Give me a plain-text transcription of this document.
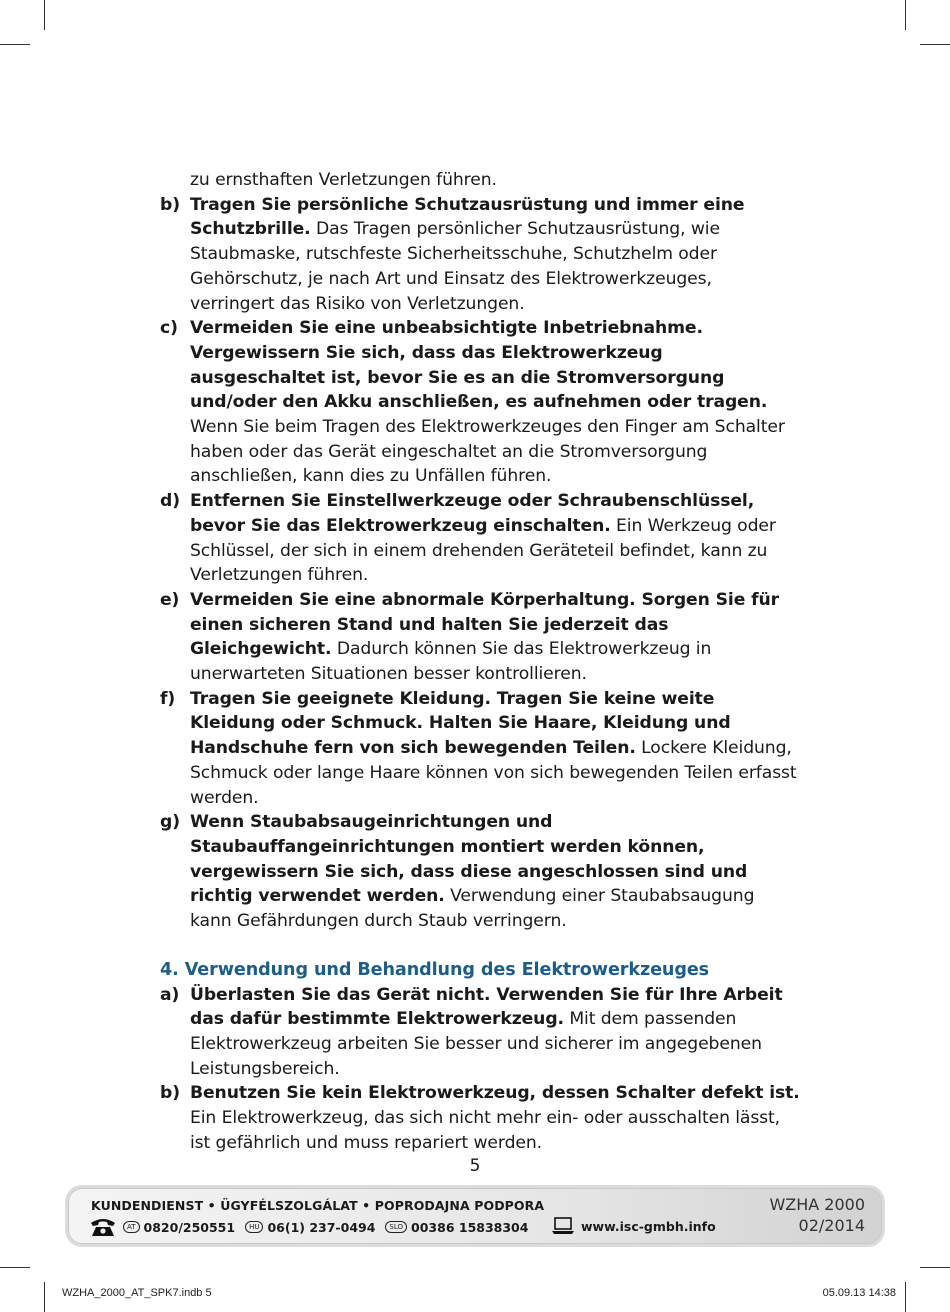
zu ernsthaften Verletzungen führen.
b) Tragen Sie persönliche Schutzausrüstung und immer eine Schutzbrille. Das Tragen persönlicher Schutzausrüstung, wie Staubmaske, rutschfeste Sicherheitsschuhe, Schutzhelm oder Gehörschutz, je nach Art und Einsatz des Elektrowerkzeuges, verringert das Risiko von Verletzungen.
c) Vermeiden Sie eine unbeabsichtigte Inbetriebnahme. Vergewissern Sie sich, dass das Elektrowerkzeug ausgeschaltet ist, bevor Sie es an die Stromversorgung und/oder den Akku anschließen, es aufnehmen oder tragen. Wenn Sie beim Tragen des Elektrowerkzeuges den Finger am Schalter haben oder das Gerät eingeschaltet an die Stromversorgung anschließen, kann dies zu Unfällen führen.
d) Entfernen Sie Einstellwerkzeuge oder Schraubenschlüssel, bevor Sie das Elektrowerkzeug einschalten. Ein Werkzeug oder Schlüssel, der sich in einem drehenden Geräteteil befindet, kann zu Verletzungen führen.
e) Vermeiden Sie eine abnormale Körperhaltung. Sorgen Sie für einen sicheren Stand und halten Sie jederzeit das Gleichgewicht. Dadurch können Sie das Elektrowerkzeug in unerwarteten Situationen besser kontrollieren.
f) Tragen Sie geeignete Kleidung. Tragen Sie keine weite Kleidung oder Schmuck. Halten Sie Haare, Kleidung und Handschuhe fern von sich bewegenden Teilen. Lockere Kleidung, Schmuck oder lange Haare können von sich bewegenden Teilen erfasst werden.
g) Wenn Staubabsaugeinrichtungen und Staubauffangeinrichtungen montiert werden können, vergewissern Sie sich, dass diese angeschlossen sind und richtig verwendet werden. Verwendung einer Staubabsaugung kann Gefährdungen durch Staub verringern.
4. Verwendung und Behandlung des Elektrowerkzeuges
a) Überlasten Sie das Gerät nicht. Verwenden Sie für Ihre Arbeit das dafür bestimmte Elektrowerkzeug. Mit dem passenden Elektrowerkzeug arbeiten Sie besser und sicherer im angegebenen Leistungsbereich.
b) Benutzen Sie kein Elektrowerkzeug, dessen Schalter defekt ist. Ein Elektrowerkzeug, das sich nicht mehr ein- oder ausschalten lässt, ist gefährlich und muss repariert werden.
5
KUNDENDIENST • ÜGYFÉLSZOLGÁLAT • POPRODAJNA PODPORA
AT 0820/250551	HU 06(1) 237-0494	SLO 00386 15838304	www.isc-gmbh.info
WZHA 2000
02/2014
WZHA_2000_AT_SPK7.indb 5	05.09.13 14:38
